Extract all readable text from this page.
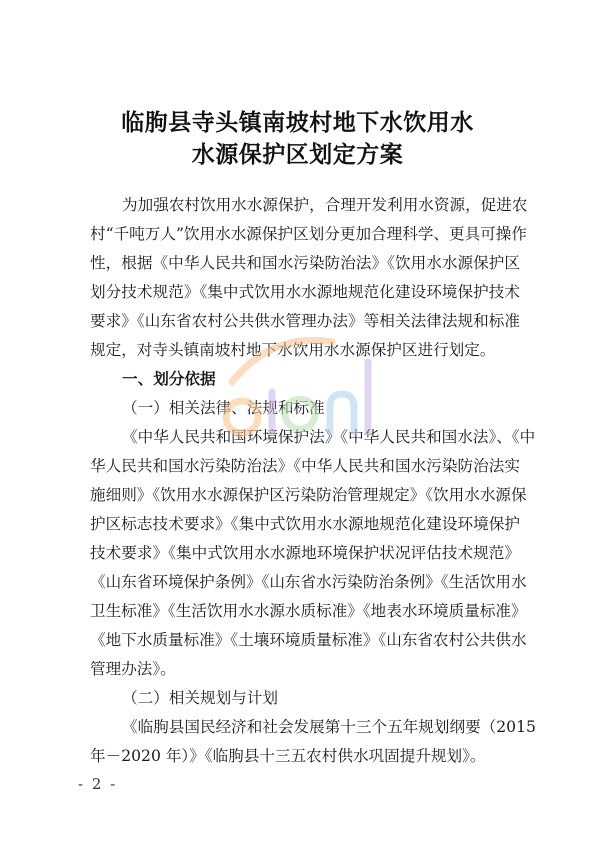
临朐县寺头镇南坡村地下水饮用水
水源保护区划定方案
为加强农村饮用水水源保护，合理开发利用水资源，促进农
村“千吨万人”饮用水水源保护区划分更加合理科学、更具可操作
性，根据《中华人民共和国水污染防治法》《饮用水水源保护区
划分技术规范》《集中式饮用水水源地规范化建设环境保护技术
要求》《山东省农村公共供水管理办法》等相关法律法规和标准
规定，对寺头镇南坡村地下水饮用水水源保护区进行划定。
一、划分依据
（一）相关法律、法规和标准
《中华人民共和国环境保护法》《中华人民共和国水法》、《中
华人民共和国水污染防治法》《中华人民共和国水污染防治法实
施细则》《饮用水水源保护区污染防治管理规定》《饮用水水源保
护区标志技术要求》《集中式饮用水水源地规范化建设环境保护
技术要求》《集中式饮用水水源地环境保护状况评估技术规范》
《山东省环境保护条例》《山东省水污染防治条例》《生活饮用水
卫生标准》《生活饮用水水源水质标准》《地表水环境质量标准》
《地下水质量标准》《土壤环境质量标准》《山东省农村公共供水
管理办法》。
（二）相关规划与计划
《临朐县国民经济和社会发展第十三个五年规划纲要（2015
年－2020 年）》《临朐县十三五农村供水巩固提升规划》。
- 2 -
